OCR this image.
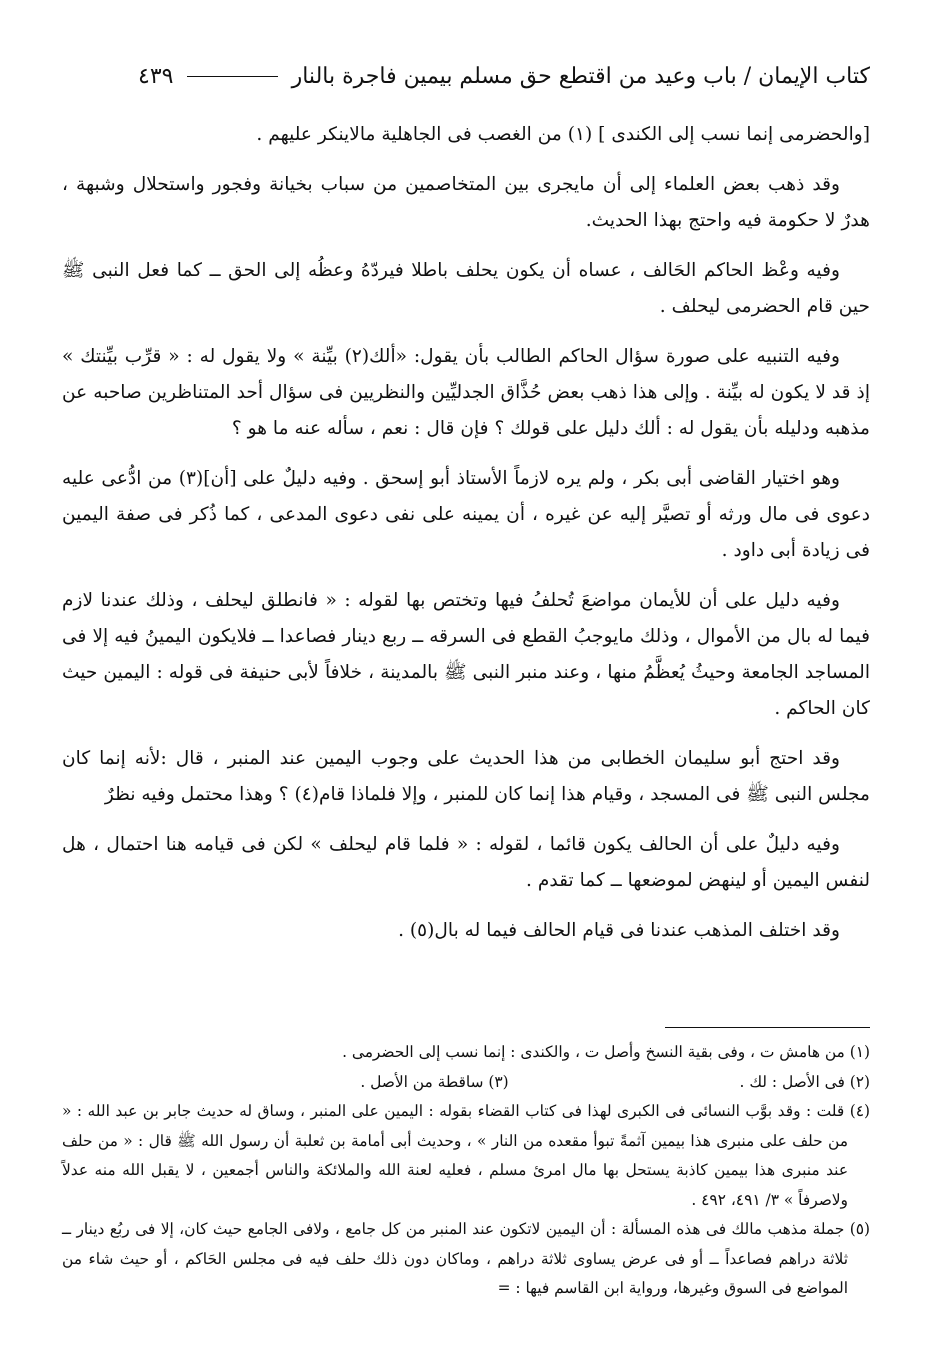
كتاب الإيمان / باب وعيد من اقتطع حق مسلم بيمين فاجرة بالنار
٤٣٩

[والحضرمى إنما نسب إلى الكندى ] (١) من الغصب فى الجاهلية مالاينكر عليهم .

وقد ذهب بعض العلماء إلى أن مايجرى بين المتخاصمين من سباب بخيانة وفجور واستحلال وشبهة ، هدرٌ لا حكومة فيه واحتج بهذا الحديث.

وفيه وعْظ الحاكم الحَالف ، عساه أن يكون يحلف باطلا فيردّهُ وعظُه إلى الحق ــ كما فعل النبى ﷺ حين قام الحضرمى ليحلف .

وفيه التنبيه على صورة سؤال الحاكم الطالب بأن يقول: «ألك(٢) بيِّنة » ولا يقول له : « قرِّب بيِّنتك » إذ قد لا يكون له بيِّنة . وإلى هذا ذهب بعض حُذَّاق الجدليِّين والنظريين فى سؤال أحد المتناظرين صاحبه عن مذهبه ودليله بأن يقول له : ألك دليل على قولك ؟ فإن قال : نعم ، سأله عنه ما هو ؟

وهو اختيار القاضى أبى بكر ، ولم يره لازماً الأستاذ أبو إسحق . وفيه دليلٌ على [أن](٣) من ادُّعى عليه دعوى فى مال ورثه أو تصيَّر إليه عن غيره ، أن يمينه على نفى دعوى المدعى ، كما ذُكر فى صفة اليمين فى زيادة أبى داود .

وفيه دليل على أن للأيمان مواضعَ تُحلفُ فيها وتختص بها لقوله : « فانطلق ليحلف ، وذلك عندنا لازم فيما له بال من الأموال ، وذلك مايوجبُ القطع فى السرقه ــ ربع دينار فصاعدا ــ فلايكون اليمينُ فيه إلا فى المساجد الجامعة وحيثُ يُعظَّمُ منها ، وعند منبر النبى ﷺ بالمدينة ، خلافاً لأبى حنيفة فى قوله : اليمين حيث كان الحاكم .

وقد احتج أبو سليمان الخطابى من هذا الحديث على وجوب اليمين عند المنبر ، قال :لأنه إنما كان مجلس النبى ﷺ فى المسجد ، وقيام هذا إنما كان للمنبر ، وإلا فلماذا قام(٤) ؟ وهذا محتمل وفيه نظرٌ

وفيه دليلٌ على أن الحالف يكون قائما ، لقوله : « فلما قام ليحلف » لكن فى قيامه هنا احتمال ، هل لنفس اليمين أو لينهض لموضعها ــ كما تقدم .

وقد اختلف المذهب عندنا فى قيام الحالف فيما له بال(٥) .

(١) من هامش ت ، وفى بقية النسخ وأصل ت ، والكندى : إنما نسب إلى الحضرمى .

(٢) فى الأصل : لك .
(٣) ساقطة من الأصل .

(٤) قلت : وقد بوَّب النسائى فى الكبرى لهذا فى كتاب القضاء بقوله : اليمين على المنبر ، وساق له حديث جابر بن عبد الله : « من حلف على منبرى هذا بيمين آثمةً تبوأ مقعده من النار » ، وحديث أبى أمامة بن ثعلبة أن رسول الله ﷺ قال : « من حلف عند منبرى هذا بيمين كاذبة يستحل بها مال امرئ مسلم ، فعليه لعنة الله والملائكة والناس أجمعين ، لا يقبل الله منه عدلاً ولاصرفاً » ٣/ ٤٩١، ٤٩٢ .

(٥) جملة مذهب مالك فى هذه المسألة : أن اليمين لاتكون عند المنبر من كل جامع ، ولافى الجامع حيث كان، إلا فى ربُع دينار ــ ثلاثة دراهم فصاعداً ــ أو فى عرض يساوى ثلاثة دراهم ، وماكان دون ذلك حلف فيه فى مجلس الحَاكم ، أو حيث شاء من المواضع فى السوق وغيرها، ورواية ابن القاسم فيها : =
